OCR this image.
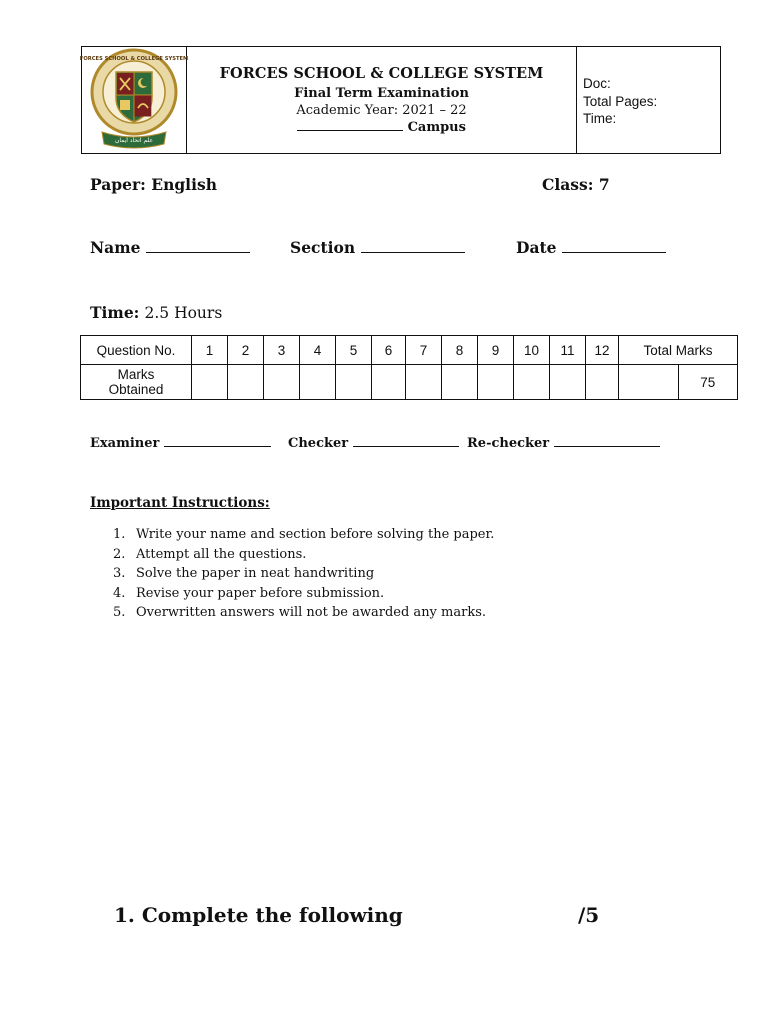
FORCES SCHOOL & COLLEGE SYSTEM
علم اتحاد ایمان
FORCES SCHOOL & COLLEGE SYSTEM
Final Term Examination
Academic Year: 2021 – 22
Campus
Doc:
Total Pages:
Time:
Paper: English	Class: 7
Name	Section	Date
Time: 2.5 Hours
Question No.	1	2	3	4	5	6	7	8	9	10	11	12	Total Marks	

Marks
Obtained														75
Examiner	Checker	Re-checker
Important Instructions:
1. Write your name and section before solving the paper.
2. Attempt all the questions.
3. Solve the paper in neat handwriting
4. Revise your paper before submission.
5. Overwritten answers will not be awarded any marks.
1. Complete the following	/5
